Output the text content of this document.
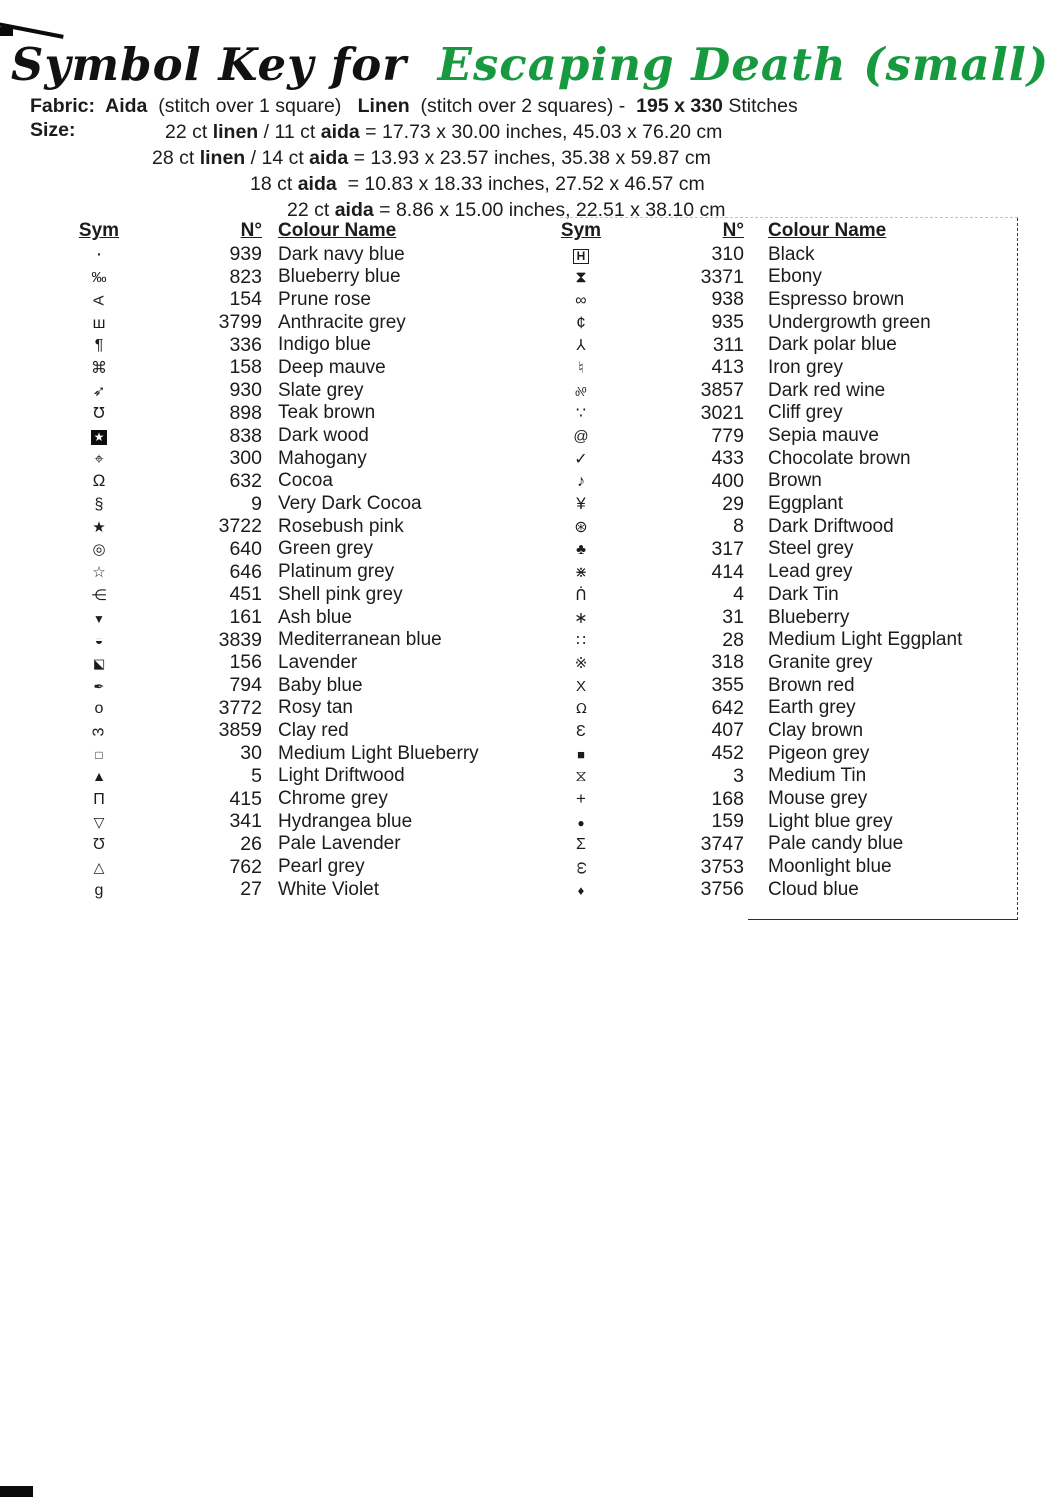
Symbol Key for Escaping Death (small)
Fabric:  Aida  (stitch over 1 square)   Linen  (stitch over 2 squares) -  195 x 330 Stitches
Size:	22 ct linen / 11 ct aida = 17.73 x 30.00 inches, 45.03 x 76.20 cm
28 ct linen / 14 ct aida = 13.93 x 23.57 inches, 35.38 x 59.87 cm
18 ct aida  = 10.83 x 18.33 inches, 27.52 x 46.57 cm
22 ct aida = 8.86 x 15.00 inches, 22.51 x 38.10 cm
Sym	N° Colour Name
·	939 Dark navy blue
‰	823 Blueberry blue
A	154 Prune rose
ш	3799 Anthracite grey
¶	336 Indigo blue
⌘	158 Deep mauve
➶	930 Slate grey
℧	898 Teak brown
★	838 Dark wood
⌖	300 Mahogany
Ω	632 Cocoa
§	9 Very Dark Cocoa
★	3722 Rosebush pink
◎	640 Green grey
☆	646 Platinum grey
⋲	451 Shell pink grey
▼	161 Ash blue
◒	3839 Mediterranean blue
◪	156 Lavender
✒	794 Baby blue
o	3772 Rosy tan
3	3859 Clay red
□	30 Medium Light Blueberry
▲	5 Light Driftwood
Π	415 Chrome grey
▽	341 Hydrangea blue
Ʊ	26 Pale Lavender
△	762 Pearl grey
g	27 White Violet
Sym	N°	Colour Name
H	310	Black
⧗	3371	Ebony
∞	938	Espresso brown
¢	935	Undergrowth green
⅄	311	Dark polar blue
♮	413	Iron grey
%	3857	Dark red wine
∵	3021	Cliff grey
@	779	Sepia mauve
✓	433	Chocolate brown
♪	400	Brown
¥	29	Eggplant
⊛	8	Dark Driftwood
♣	317	Steel grey
⋇	414	Lead grey
ᑏ	4	Dark Tin
∗	31	Blueberry
∷	28	Medium Light Eggplant
※	318	Granite grey
X	355	Brown red
℧	642	Earth grey
Ɛ	407	Clay brown
■	452	Pigeon grey
⧖	3	Medium Tin
+	168	Mouse grey
●	159	Light blue grey
Σ	3747	Pale candy blue
ω	3753	Moonlight blue
♦	3756	Cloud blue
